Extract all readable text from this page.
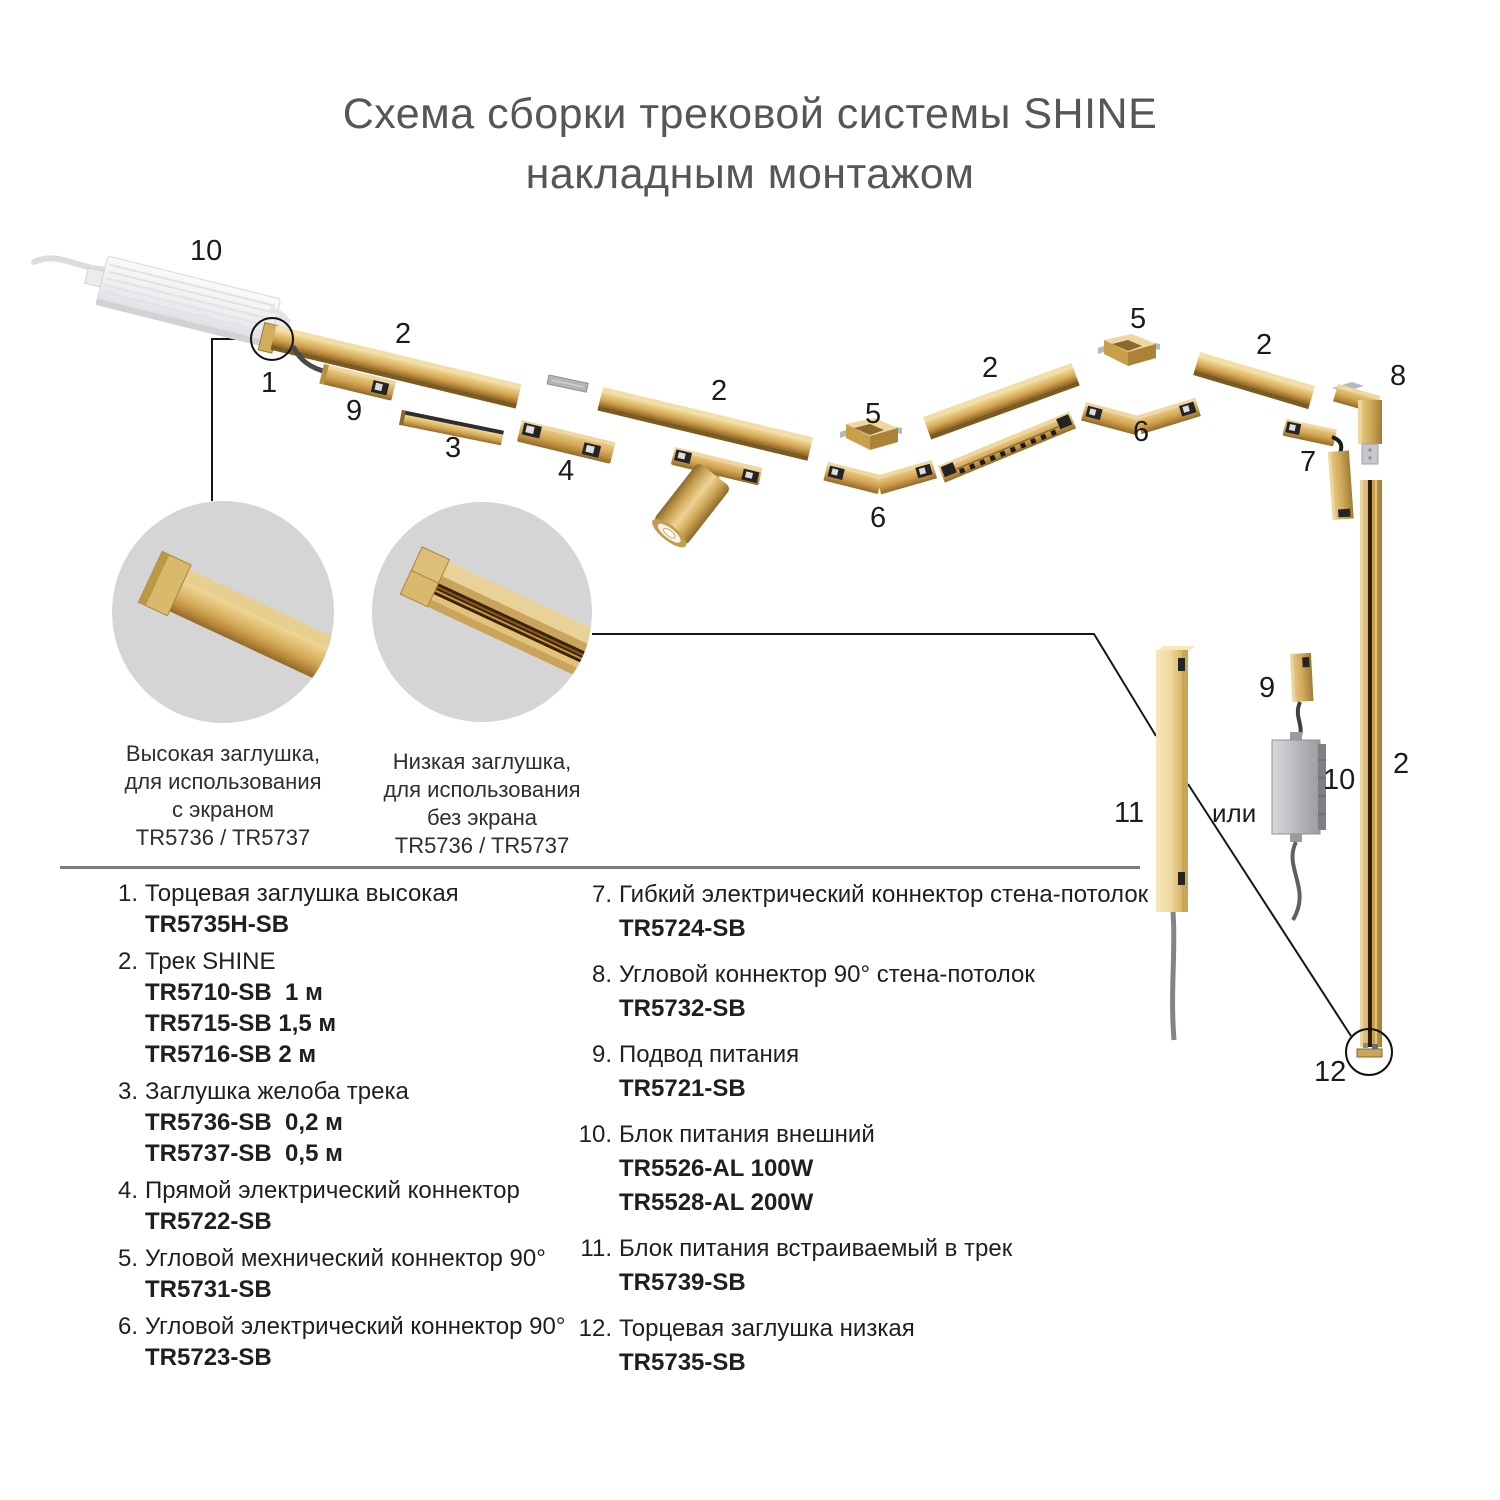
Схема сборки трековой системы SHINE
накладным монтажом
10
2
1
9
3
4
2
5
6
2
5
6
2
8
7
2
9
10
11	или
12
Высокая заглушка,
для использования
с экраном
TR5736 / TR5737
Низкая заглушка,
для использования
без экрана
TR5736 / TR5737
1. Торцевая заглушка высокая
TR5735H-SB
2. Трек SHINE
TR5710-SB  1 м
TR5715-SB 1,5 м
TR5716-SB 2 м
3. Заглушка желоба трека
TR5736-SB  0,2 м
TR5737-SB  0,5 м
4. Прямой электрический коннектор
TR5722-SB
5. Угловой мехнический коннектор 90°
TR5731-SB
6. Угловой электрический коннектор 90°
TR5723-SB
7. Гибкий электрический коннектор стена-потолок
TR5724-SB
8. Угловой коннектор 90° стена-потолок
TR5732-SB
9. Подвод питания
TR5721-SB
10. Блок питания внешний
TR5526-AL 100W
TR5528-AL 200W
11. Блок питания встраиваемый в трек
TR5739-SB
12. Торцевая заглушка низкая
TR5735-SB
